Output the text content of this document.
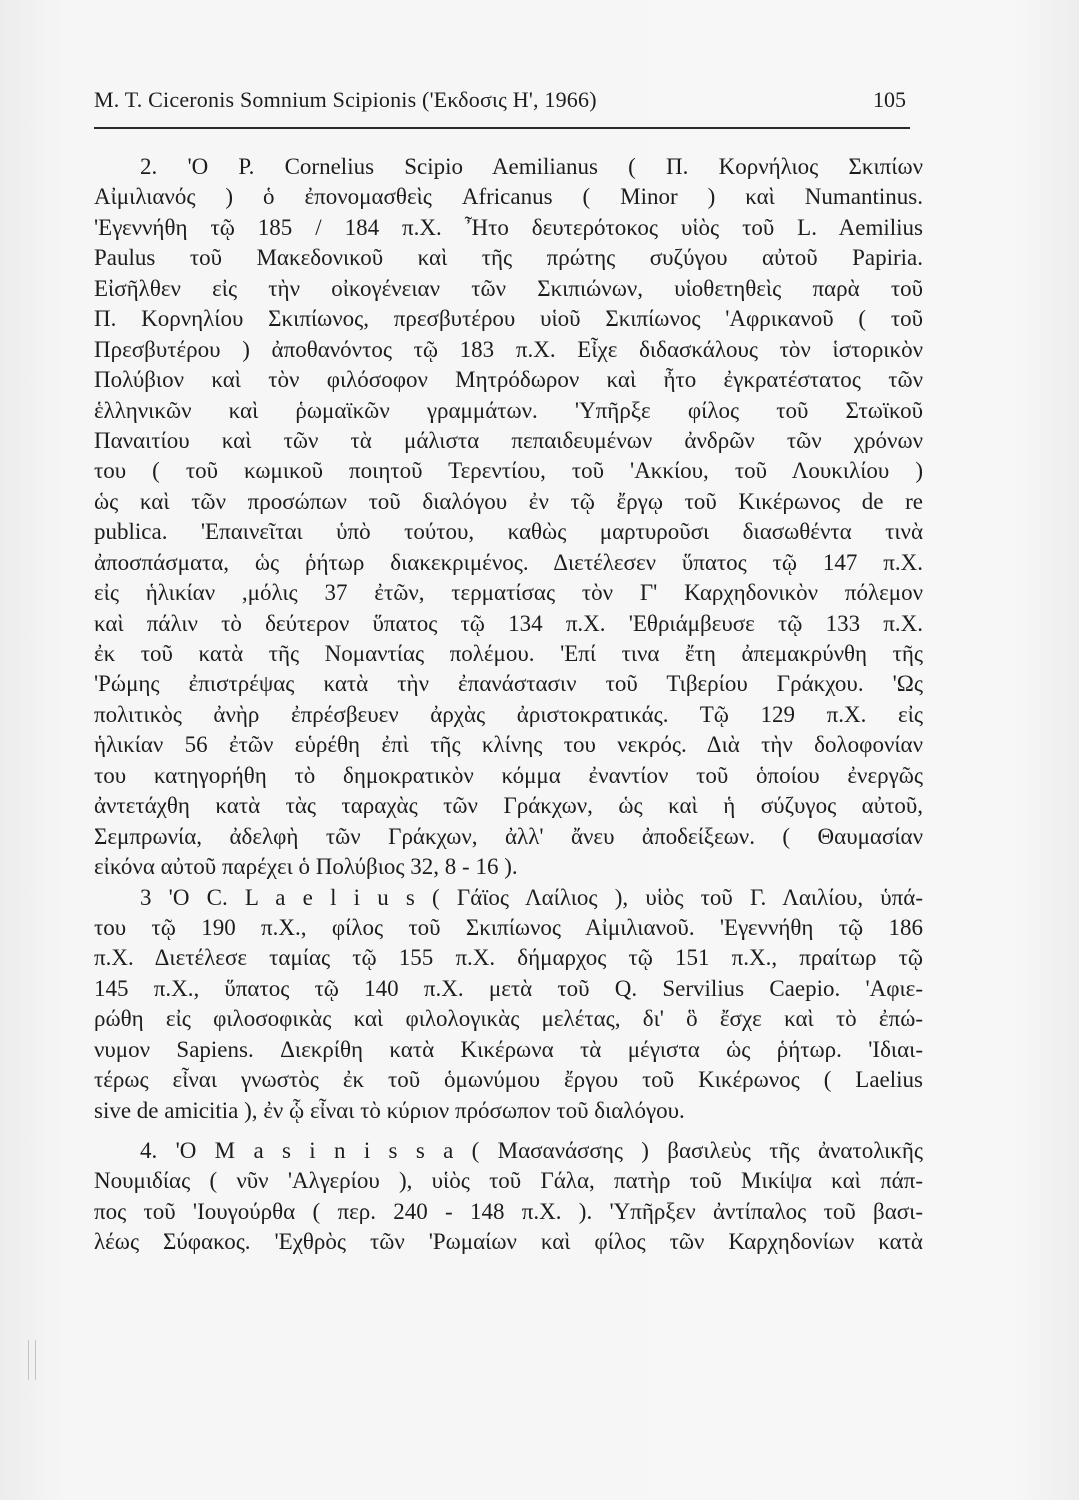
M. T. Ciceronis Somnium Scipionis ('Εκδοσις Η', 1966)	105
2. 'Ο P. Cornelius Scipio Aemilianus ( Π. Κορνήλιος Σκιπίων
Αἰμιλιανός ) ὁ ἐπονομασθεὶς Africanus ( Minor ) καὶ Numantinus.
'Εγεννήθη τῷ 185 / 184 π.Χ. Ἦτο δευτερότοκος υἱὸς τοῦ L. Aemilius
Paulus τοῦ Μακεδονικοῦ καὶ τῆς πρώτης συζύγου αὐτοῦ Papiria.
Εἰσῆλθεν εἰς τὴν οἰκογένειαν τῶν Σκιπιώνων, υἱοθετηθεὶς παρὰ τοῦ
Π. Κορνηλίου Σκιπίωνος, πρεσβυτέρου υἱοῦ Σκιπίωνος 'Αφρικανοῦ ( τοῦ
Πρεσβυτέρου ) ἀποθανόντος τῷ 183 π.Χ. Εἶχε διδασκάλους τὸν ἱστορικὸν
Πολύβιον καὶ τὸν φιλόσοφον Μητρόδωρον καὶ ἦτο ἐγκρατέστατος τῶν
ἑλληνικῶν καὶ ῥωμαϊκῶν γραμμάτων. 'Υπῆρξε φίλος τοῦ Στωϊκοῦ
Παναιτίου καὶ τῶν τὰ μάλιστα πεπαιδευμένων ἀνδρῶν τῶν χρόνων
του ( τοῦ κωμικοῦ ποιητοῦ Τερεντίου, τοῦ 'Ακκίου, τοῦ Λουκιλίου )
ὡς καὶ τῶν προσώπων τοῦ διαλόγου ἐν τῷ ἔργῳ τοῦ Κικέρωνος de re
publica. 'Επαινεῖται ὑπὸ τούτου, καθὼς μαρτυροῦσι διασωθέντα τινὰ
ἀποσπάσματα, ὡς ῥήτωρ διακεκριμένος. Διετέλεσεν ὕπατος τῷ 147 π.Χ.
εἰς ἡλικίαν ,μόλις 37 ἐτῶν, τερματίσας τὸν Γ' Καρχηδονικὸν πόλεμον
καὶ πάλιν τὸ δεύτερον ὕπατος τῷ 134 π.Χ. 'Εθριάμβευσε τῷ 133 π.Χ.
ἐκ τοῦ κατὰ τῆς Νομαντίας πολέμου. 'Επί τινα ἔτη ἀπεμακρύνθη τῆς
'Ρώμης ἐπιστρέψας κατὰ τὴν ἐπανάστασιν τοῦ Τιβερίου Γράκχου. 'Ως
πολιτικὸς ἀνὴρ ἐπρέσβευεν ἀρχὰς ἀριστοκρατικάς. Τῷ 129 π.Χ. εἰς
ἡλικίαν 56 ἐτῶν εὑρέθη ἐπὶ τῆς κλίνης του νεκρός. Διὰ τὴν δολοφονίαν
του κατηγορήθη τὸ δημοκρατικὸν κόμμα ἐναντίον τοῦ ὁποίου ἐνεργῶς
ἀντετάχθη κατὰ τὰς ταραχὰς τῶν Γράκχων, ὡς καὶ ἡ σύζυγος αὐτοῦ,
Σεμπρωνία, ἀδελφὴ τῶν Γράκχων, ἀλλ' ἄνευ ἀποδείξεων. ( Θαυμασίαν
εἰκόνα αὐτοῦ παρέχει ὁ Πολύβιος 32, 8 - 16 ).
3 'Ο C. L a e l i u s ( Γάϊος Λαίλιος ), υἱὸς τοῦ Γ. Λαιλίου, ὑπά-
του τῷ 190 π.Χ., φίλος τοῦ Σκιπίωνος Αἰμιλιανοῦ. 'Εγεννήθη τῷ 186
π.Χ. Διετέλεσε ταμίας τῷ 155 π.Χ. δήμαρχος τῷ 151 π.Χ., πραίτωρ τῷ
145 π.Χ., ὕπατος τῷ 140 π.Χ. μετὰ τοῦ Q. Servilius Caepio. 'Αφιε-
ρώθη εἰς φιλοσοφικὰς καὶ φιλολογικὰς μελέτας, δι' ὃ ἔσχε καὶ τὸ ἐπώ-
νυμον Sapiens. Διεκρίθη κατὰ Κικέρωνα τὰ μέγιστα ὡς ῥήτωρ. 'Ιδιαι-
τέρως εἶναι γνωστὸς ἐκ τοῦ ὁμωνύμου ἔργου τοῦ Κικέρωνος ( Laelius
sive de amicitia ), ἐν ᾧ εἶναι τὸ κύριον πρόσωπον τοῦ διαλόγου.
4. 'Ο M a s i n i s s a ( Μασανάσσης ) βασιλεὺς τῆς ἀνατολικῆς
Νουμιδίας ( νῦν 'Αλγερίου ), υἱὸς τοῦ Γάλα, πατὴρ τοῦ Μικίψα καὶ πάπ-
πος τοῦ 'Ιουγούρθα ( περ. 240 - 148 π.Χ. ). 'Υπῆρξεν ἀντίπαλος τοῦ βασι-
λέως Σύφακος. 'Εχθρὸς τῶν 'Ρωμαίων καὶ φίλος τῶν Καρχηδονίων κατὰ
